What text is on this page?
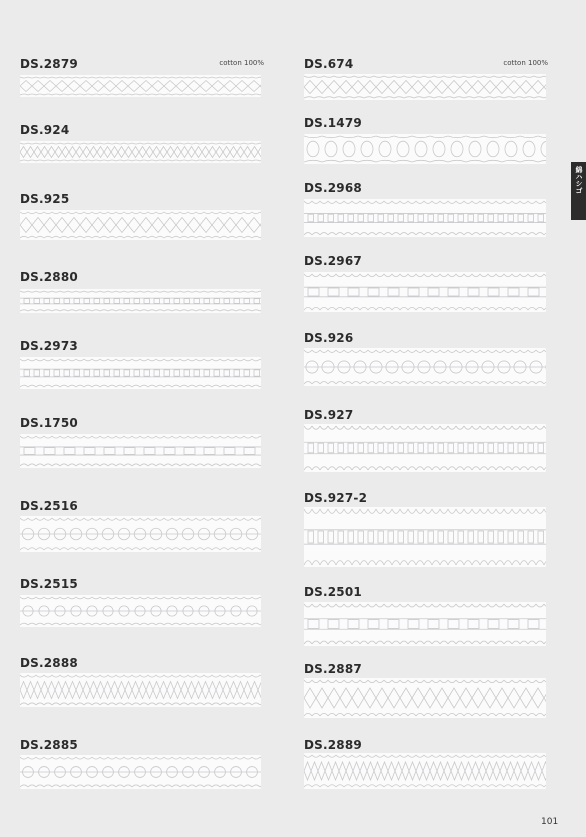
DS.2879	cotton 100%
DS.924
DS.925
DS.2880
DS.2973
DS.1750
DS.2516
DS.2515
DS.2888
DS.2885
DS.674	cotton 100%
DS.1479
DS.2968
DS.2967
DS.926
DS.927
DS.927-2
DS.2501
DS.2887
DS.2889
綿ハシゴ
101
